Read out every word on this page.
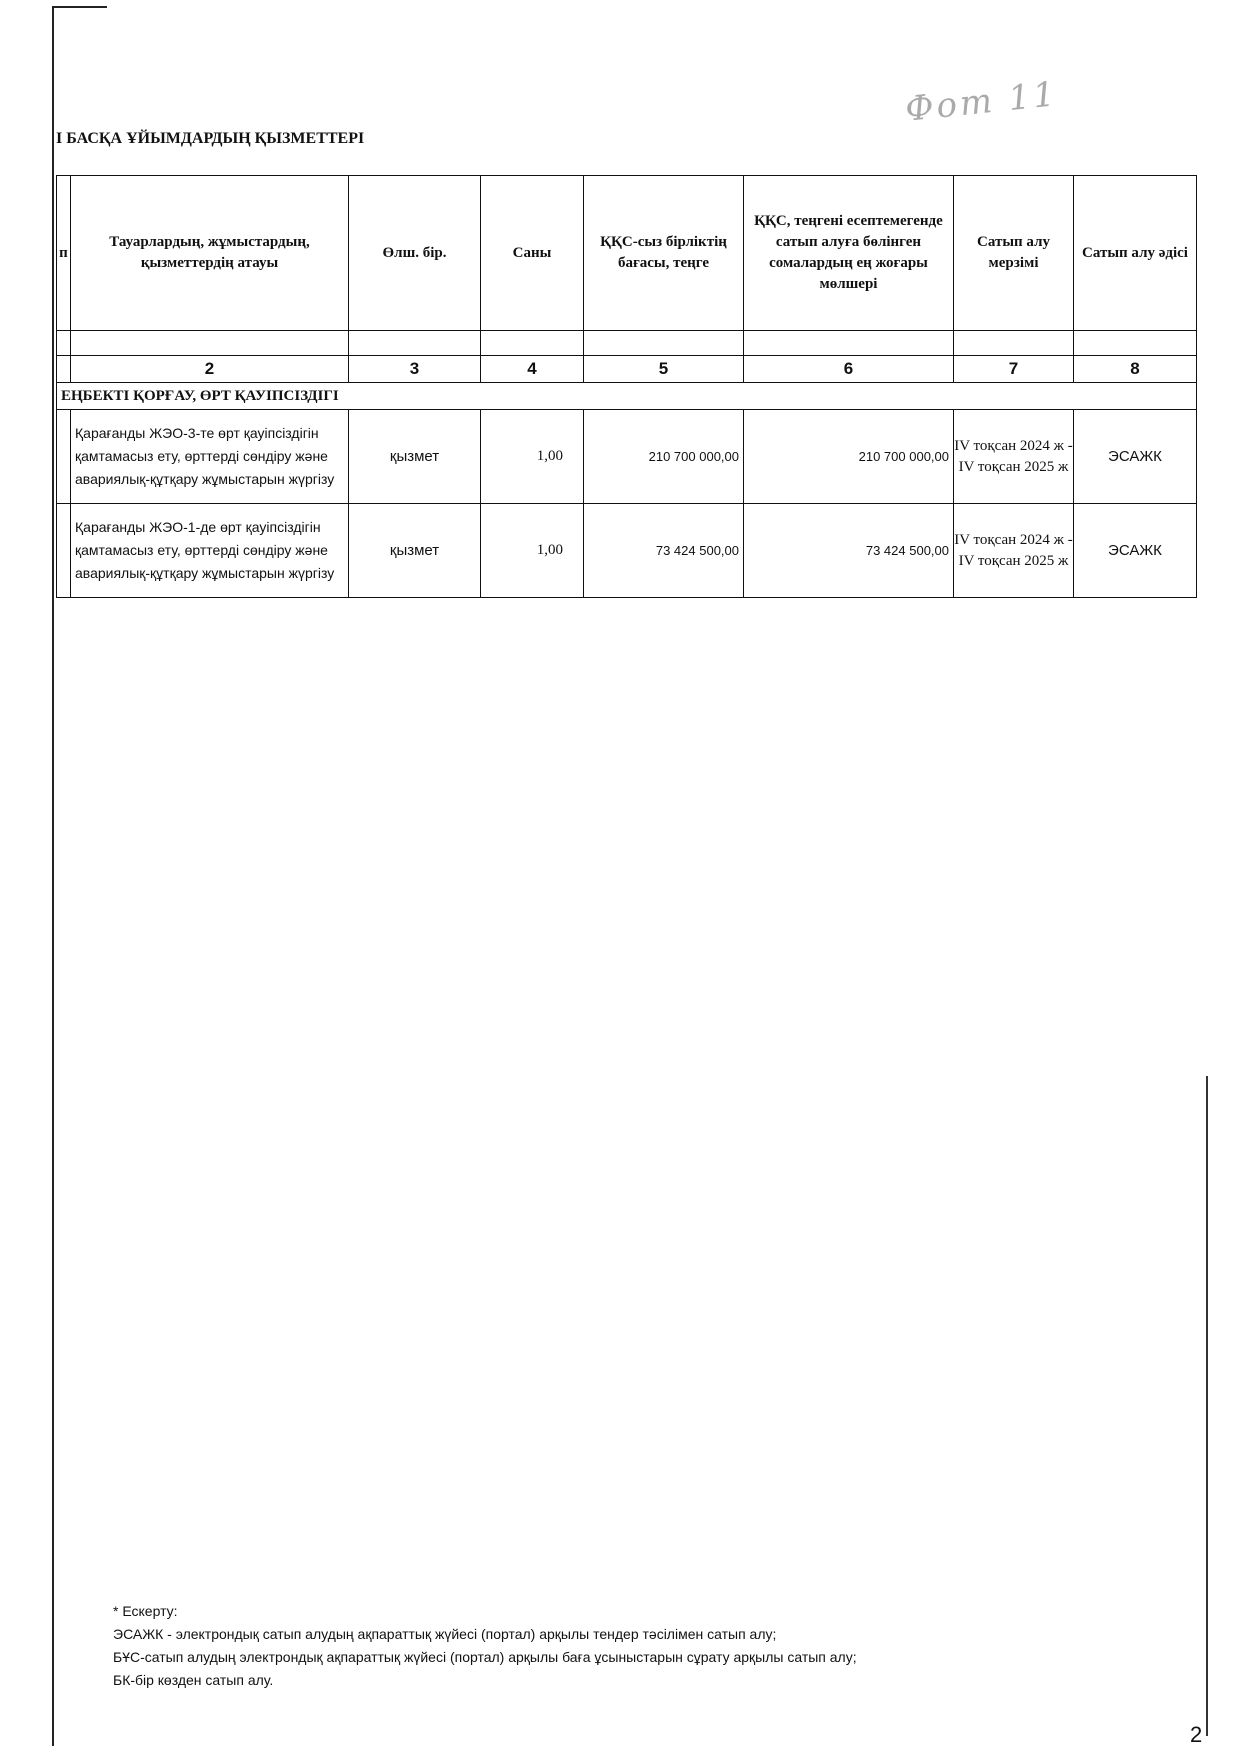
Фот 11
I БАСҚА ҰЙЫМДАРДЫҢ ҚЫЗМЕТТЕРІ
п	Тауарлардың, жұмыстардың, қызметтердің атауы	Өлш. бір.	Саны	ҚҚС-сыз бірліктің бағасы, теңге	ҚҚС, теңгені есептемегенде сатып алуға бөлінген сомалардың ең жоғары мөлшері	Сатып алу мерзімі	Сатып алу әдісі

	2	3	4	5	6	7	8
ЕҢБЕКТІ ҚОРҒАУ, ӨРТ ҚАУІПСІЗДІГІ							
	Қарағанды ЖЭО-3-те өрт қауіпсіздігін қамтамасыз ету, өрттерді сөндіру және авариялық-құтқару жұмыстарын жүргізу	қызмет	1,00	210 700 000,00	210 700 000,00	IV тоқсан 2024 ж - IV тоқсан 2025 ж	ЭСАЖК
	Қарағанды ЖЭО-1-де өрт қауіпсіздігін қамтамасыз ету, өрттерді сөндіру және авариялық-құтқару жұмыстарын жүргізу	қызмет	1,00	73 424 500,00	73 424 500,00	IV тоқсан 2024 ж - IV тоқсан 2025 ж	ЭСАЖК
* Ескерту:
ЭСАЖК - электрондық сатып алудың ақпараттық жүйесі (портал) арқылы тендер тәсілімен сатып алу;
БҰС-сатып алудың электрондық ақпараттық жүйесі (портал) арқылы баға ұсыныстарын сұрату арқылы сатып алу;
БК-бір көзден сатып алу.
2
